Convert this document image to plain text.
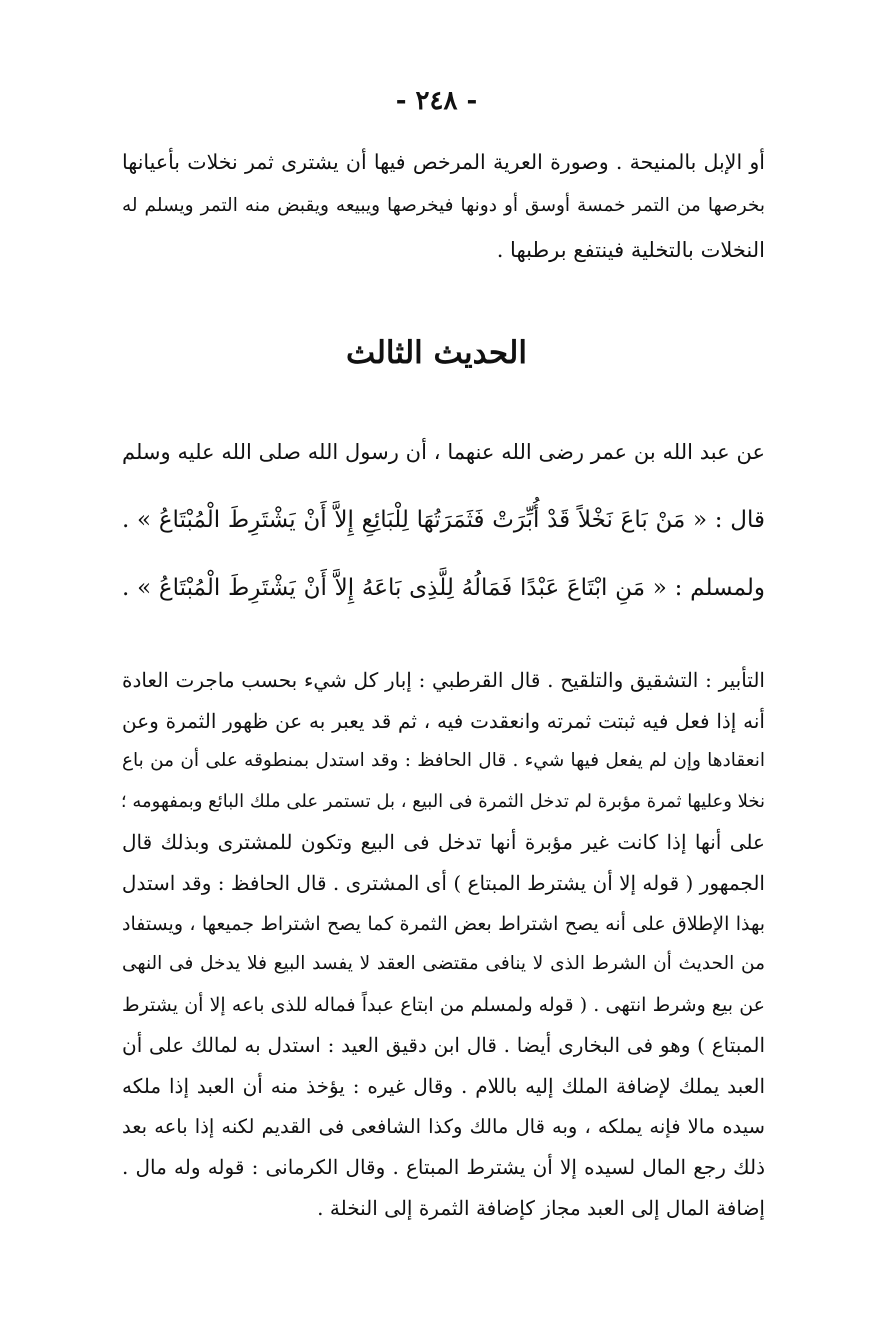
- ٢٤٨ -
أو الإبل بالمنيحة . وصورة العرية المرخص فيها أن يشترى ثمر نخلات بأعيانها
بخرصها من التمر خمسة أوسق أو دونها فيخرصها ويبيعه ويقبض منه التمر ويسلم له
النخلات بالتخلية فينتفع برطبها .
الحديث الثالث
عن عبد الله بن عمر رضى الله عنهما ، أن رسول الله صلى الله عليه وسلم
قال : « مَنْ بَاعَ نَخْلاً قَدْ أُبِّرَتْ فَثَمَرَتُهَا لِلْبَائِعِ إِلاَّ أَنْ يَشْتَرِطَ الْمُبْتَاعُ » .
ولمسلم : « مَنِ ابْتَاعَ عَبْدًا فَمَالُهُ لِلَّذِى بَاعَهُ إِلاَّ أَنْ يَشْتَرِطَ الْمُبْتَاعُ » .
التأبير : التشقيق والتلقيح . قال القرطبي : إبار كل شيء بحسب ماجرت العادة
أنه إذا فعل فيه ثبتت ثمرته وانعقدت فيه ، ثم قد يعبر به عن ظهور الثمرة وعن
انعقادها وإن لم يفعل فيها شيء . قال الحافظ : وقد استدل بمنطوقه على أن من باع
نخلا وعليها ثمرة مؤبرة لم تدخل الثمرة فى البيع ، بل تستمر على ملك البائع وبمفهومه ؛
على أنها إذا كانت غير مؤبرة أنها تدخل فى البيع وتكون للمشترى وبذلك قال
الجمهور ( قوله إلا أن يشترط المبتاع ) أى المشترى . قال الحافظ : وقد استدل
بهذا الإطلاق على أنه يصح اشتراط بعض الثمرة كما يصح اشتراط جميعها ، ويستفاد
من الحديث أن الشرط الذى لا ينافى مقتضى العقد لا يفسد البيع فلا يدخل فى النهى
عن بيع وشرط انتهى . ( قوله ولمسلم من ابتاع عبداً فماله للذى باعه إلا أن يشترط
المبتاع ) وهو فى البخارى أيضا . قال ابن دقيق العيد : استدل به لمالك على أن
العبد يملك لإضافة الملك إليه باللام . وقال غيره : يؤخذ منه أن العبد إذا ملكه
سيده مالا فإنه يملكه ، وبه قال مالك وكذا الشافعى فى القديم لكنه إذا باعه بعد
ذلك رجع المال لسيده إلا أن يشترط المبتاع . وقال الكرمانى : قوله وله مال .
إضافة المال إلى العبد مجاز كإضافة الثمرة إلى النخلة .
